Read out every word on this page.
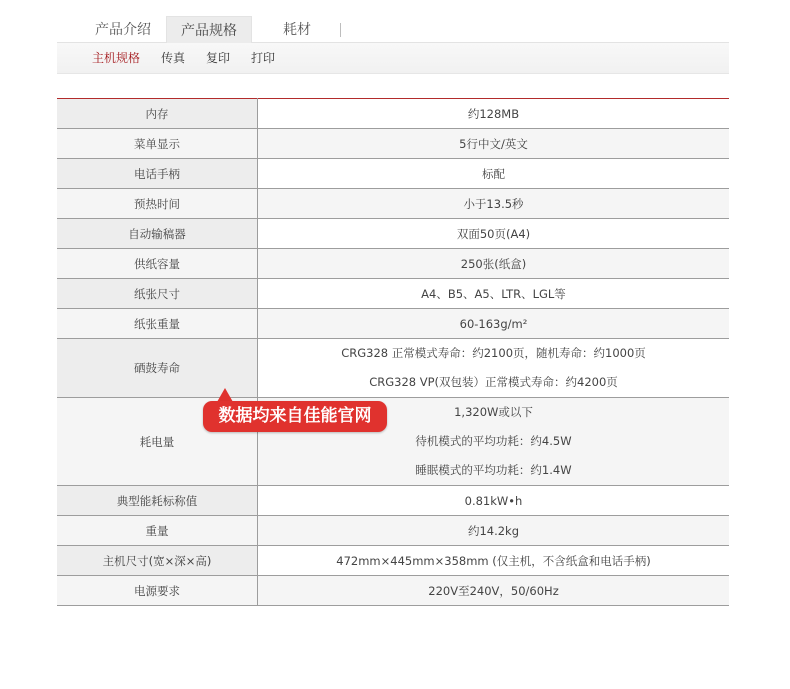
产品介绍	产品规格	耗材
主机规格 传真 复印 打印
内存	约128MB
菜单显示	5行中文/英文
电话手柄	标配
预热时间	小于13.5秒
自动输稿器	双面50页(A4)
供纸容量	250张(纸盒)
纸张尺寸	A4、B5、A5、LTR、LGL等
纸张重量	60-163g/m²
硒鼓寿命	CRG328 正常模式寿命：约2100页，随机寿命：约1000页
CRG328 VP(双包装）正常模式寿命：约4200页

耗电量	1,320W或以下
待机模式的平均功耗：约4.5W
睡眠模式的平均功耗：约1.4W

典型能耗标称值	0.81kW•h
重量	约14.2kg
主机尺寸(宽×深×高)	472mm×445mm×358mm (仅主机，不含纸盒和电话手柄)
电源要求	220V至240V，50/60Hz
数据均来自佳能官网
